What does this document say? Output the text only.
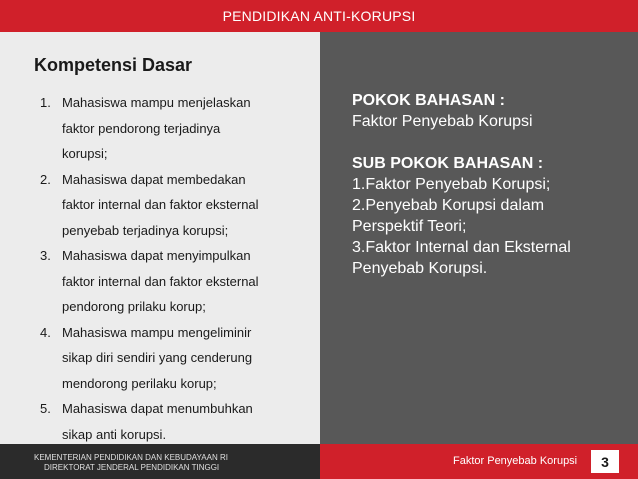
PENDIDIKAN ANTI-KORUPSI
Kompetensi Dasar
1. Mahasiswa mampu menjelaskan
faktor pendorong terjadinya
korupsi;
2. Mahasiswa dapat membedakan
faktor internal dan faktor eksternal
penyebab terjadinya korupsi;
3. Mahasiswa dapat menyimpulkan
faktor internal dan faktor eksternal
pendorong prilaku korup;
4. Mahasiswa mampu mengeliminir
sikap diri sendiri yang cenderung
mendorong perilaku korup;
5. Mahasiswa dapat menumbuhkan
sikap anti korupsi.
POKOK BAHASAN :
Faktor Penyebab Korupsi
SUB POKOK BAHASAN :
1.Faktor Penyebab Korupsi;
2.Penyebab Korupsi dalam
Perspektif Teori;
3.Faktor Internal dan Eksternal
Penyebab Korupsi.
KEMENTERIAN PENDIDIKAN DAN KEBUDAYAAN RI
DIREKTORAT JENDERAL PENDIDIKAN TINGGI
Faktor Penyebab Korupsi	3
